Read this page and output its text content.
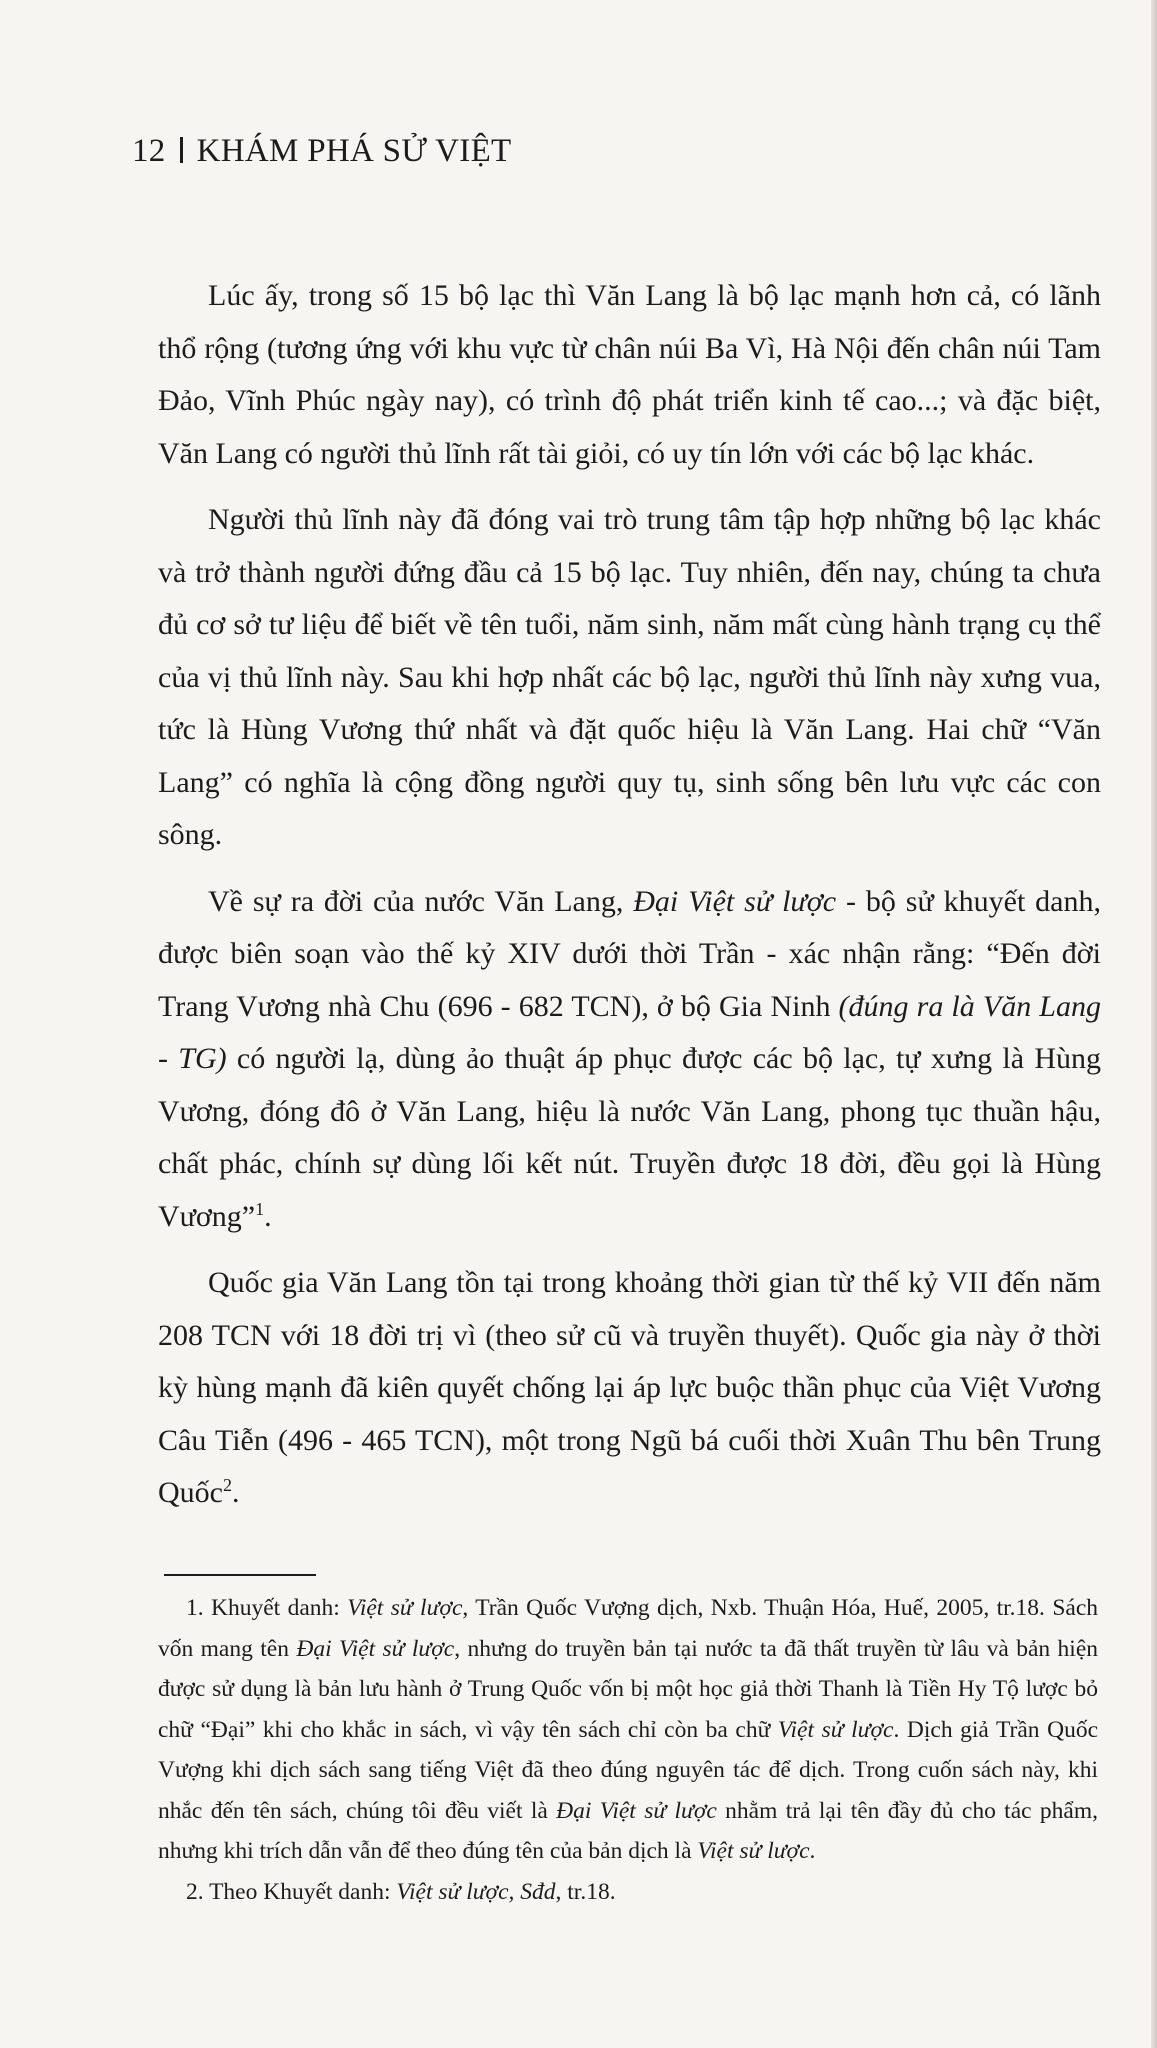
12 KHÁM PHÁ SỬ VIỆT

Lúc ấy, trong số 15 bộ lạc thì Văn Lang là bộ lạc mạnh hơn cả, có lãnh thổ rộng (tương ứng với khu vực từ chân núi Ba Vì, Hà Nội đến chân núi Tam Đảo, Vĩnh Phúc ngày nay), có trình độ phát triển kinh tế cao...; và đặc biệt, Văn Lang có người thủ lĩnh rất tài giỏi, có uy tín lớn với các bộ lạc khác.

Người thủ lĩnh này đã đóng vai trò trung tâm tập hợp những bộ lạc khác và trở thành người đứng đầu cả 15 bộ lạc. Tuy nhiên, đến nay, chúng ta chưa đủ cơ sở tư liệu để biết về tên tuổi, năm sinh, năm mất cùng hành trạng cụ thể của vị thủ lĩnh này. Sau khi hợp nhất các bộ lạc, người thủ lĩnh này xưng vua, tức là Hùng Vương thứ nhất và đặt quốc hiệu là Văn Lang. Hai chữ “Văn Lang” có nghĩa là cộng đồng người quy tụ, sinh sống bên lưu vực các con sông.

Về sự ra đời của nước Văn Lang, Đại Việt sử lược - bộ sử khuyết danh, được biên soạn vào thế kỷ XIV dưới thời Trần - xác nhận rằng: “Đến đời Trang Vương nhà Chu (696 - 682 TCN), ở bộ Gia Ninh (đúng ra là Văn Lang - TG) có người lạ, dùng ảo thuật áp phục được các bộ lạc, tự xưng là Hùng Vương, đóng đô ở Văn Lang, hiệu là nước Văn Lang, phong tục thuần hậu, chất phác, chính sự dùng lối kết nút. Truyền được 18 đời, đều gọi là Hùng Vương”$^1$.

Quốc gia Văn Lang tồn tại trong khoảng thời gian từ thế kỷ VII đến năm 208 TCN với 18 đời trị vì (theo sử cũ và truyền thuyết). Quốc gia này ở thời kỳ hùng mạnh đã kiên quyết chống lại áp lực buộc thần phục của Việt Vương Câu Tiễn (496 - 465 TCN), một trong Ngũ bá cuối thời Xuân Thu bên Trung Quốc$^2$.

1. Khuyết danh: Việt sử lược, Trần Quốc Vượng dịch, Nxb. Thuận Hóa, Huế, 2005, tr.18. Sách vốn mang tên Đại Việt sử lược, nhưng do truyền bản tại nước ta đã thất truyền từ lâu và bản hiện được sử dụng là bản lưu hành ở Trung Quốc vốn bị một học giả thời Thanh là Tiền Hy Tộ lược bỏ chữ “Đại” khi cho khắc in sách, vì vậy tên sách chỉ còn ba chữ Việt sử lược. Dịch giả Trần Quốc Vượng khi dịch sách sang tiếng Việt đã theo đúng nguyên tác để dịch. Trong cuốn sách này, khi nhắc đến tên sách, chúng tôi đều viết là Đại Việt sử lược nhằm trả lại tên đầy đủ cho tác phẩm, nhưng khi trích dẫn vẫn để theo đúng tên của bản dịch là Việt sử lược.

2. Theo Khuyết danh: Việt sử lược, Sđd, tr.18.
